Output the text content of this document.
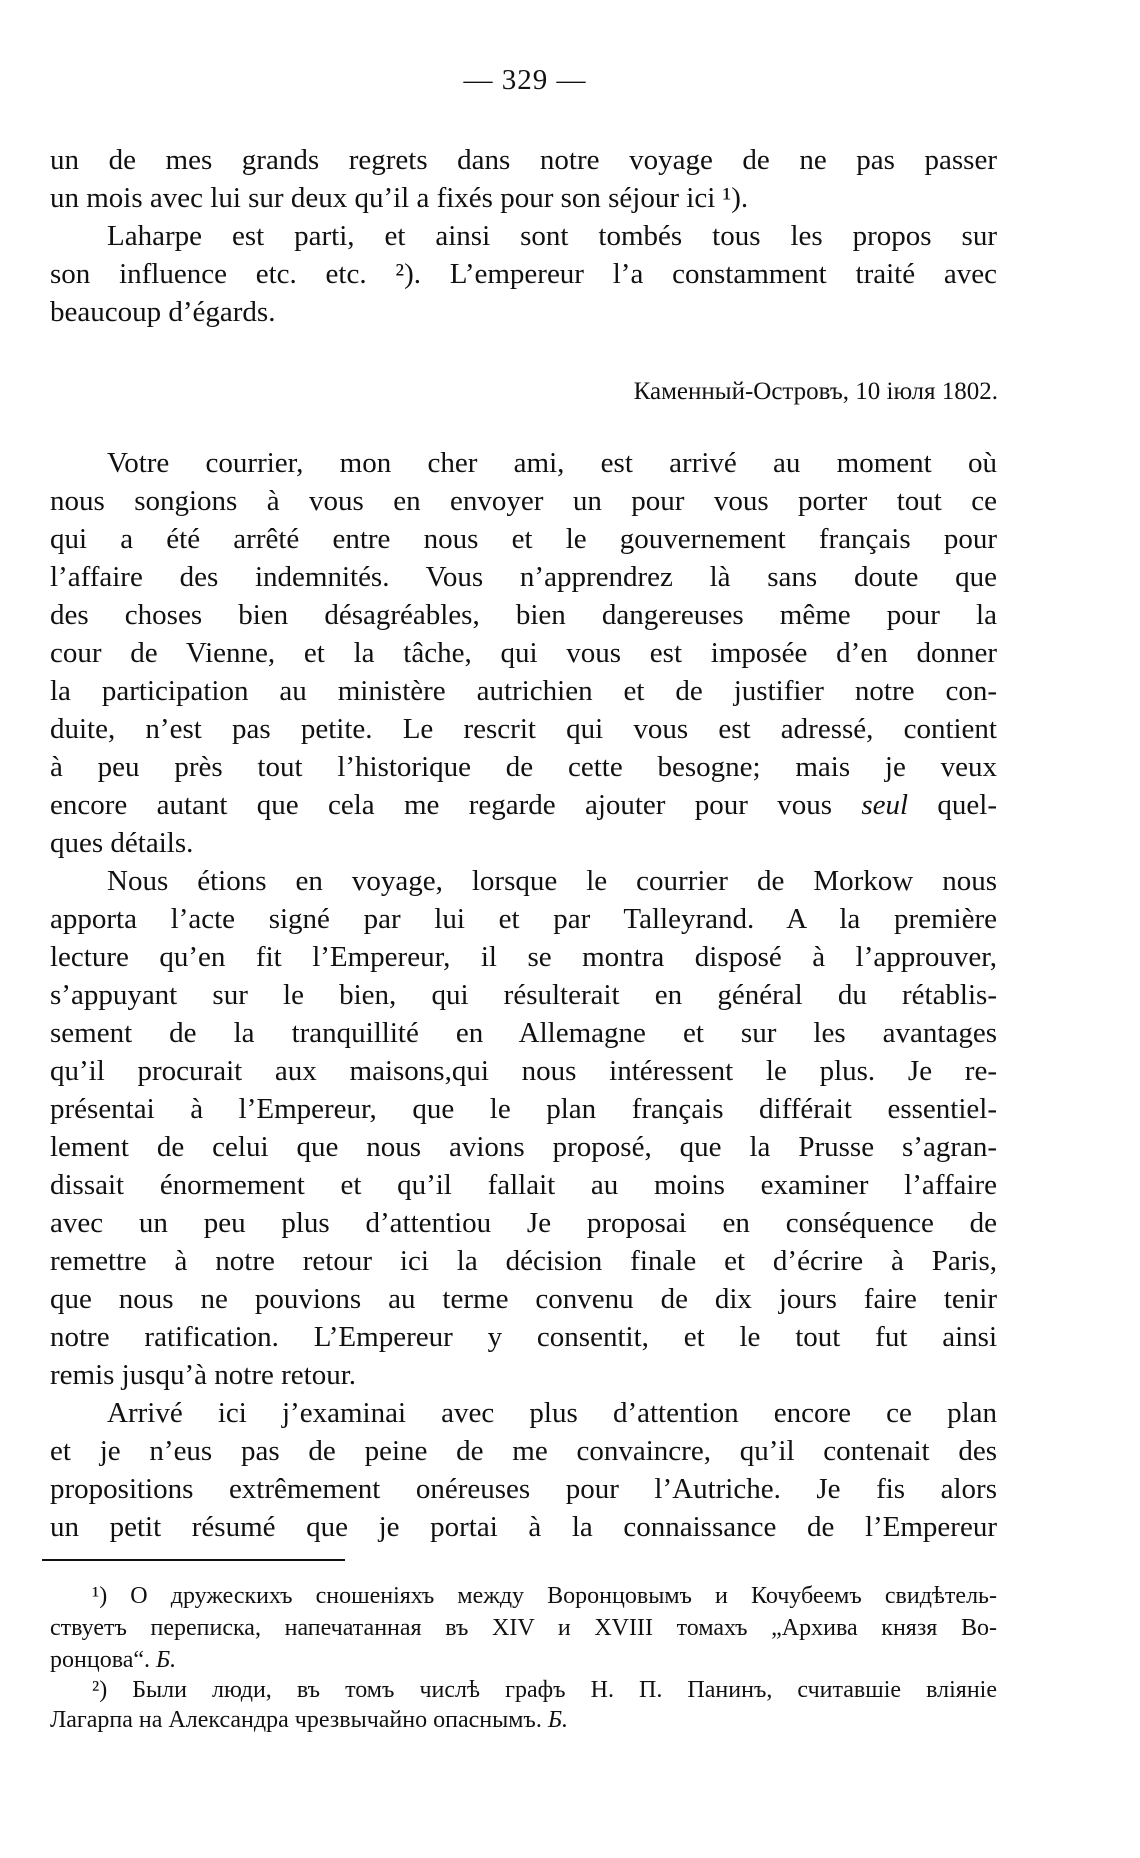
— 329 —
un de mes grands regrets dans notre voyage de ne pas passer
un mois avec lui sur deux qu’il a fixés pour son séjour ici ¹).
Laharpe est parti, et ainsi sont tombés tous les propos sur
son influence etc. etc. ²). L’empereur l’a constamment traité avec
beaucoup d’égards.
Каменный-Островъ, 10 іюля 1802.
Votre courrier, mon cher ami, est arrivé au moment où
nous songions à vous en envoyer un pour vous porter tout ce
qui a été arrêté entre nous et le gouvernement français pour
l’affaire des indemnités. Vous n’apprendrez là sans doute que
des choses bien désagréables, bien dangereuses même pour la
cour de Vienne, et la tâche, qui vous est imposée d’en donner
la participation au ministère autrichien et de justifier notre con-
duite, n’est pas petite. Le rescrit qui vous est adressé, contient
à peu près tout l’historique de cette besogne; mais je veux
encore autant que cela me regarde ajouter pour vous seul quel-
ques détails.
Nous étions en voyage, lorsque le courrier de Morkow nous
apporta l’acte signé par lui et par Talleyrand. A la première
lecture qu’en fit l’Empereur, il se montra disposé à l’approuver,
s’appuyant sur le bien, qui résulterait en général du rétablis-
sement de la tranquillité en Allemagne et sur les avantages
qu’il procurait aux maisons,qui nous intéressent le plus. Je re-
présentai à l’Empereur, que le plan français différait essentiel-
lement de celui que nous avions proposé, que la Prusse s’agran-
dissait énormement et qu’il fallait au moins examiner l’affaire
avec un peu plus d’attentiou Je proposai en conséquence de
remettre à notre retour ici la décision finale et d’écrire à Paris,
que nous ne pouvions au terme convenu de dix jours faire tenir
notre ratification. L’Empereur y consentit, et le tout fut ainsi
remis jusqu’à notre retour.
Arrivé ici j’examinai avec plus d’attention encore ce plan
et je n’eus pas de peine de me convaincre, qu’il contenait des
propositions extrêmement onéreuses pour l’Autriche. Je fis alors
un petit résumé que je portai à la connaissance de l’Empereur
¹) О дружескихъ сношеніяхъ между Воронцовымъ и Кочубеемъ свидѣтель-
ствуетъ переписка, напечатанная въ XIV и XVIII томахъ „Архива князя Во-
ронцова“. Б.
²) Были люди, въ томъ числѣ графъ Н. П. Панинъ, считавшіе вліяніе
Лагарпа на Александра чрезвычайно опаснымъ. Б.
